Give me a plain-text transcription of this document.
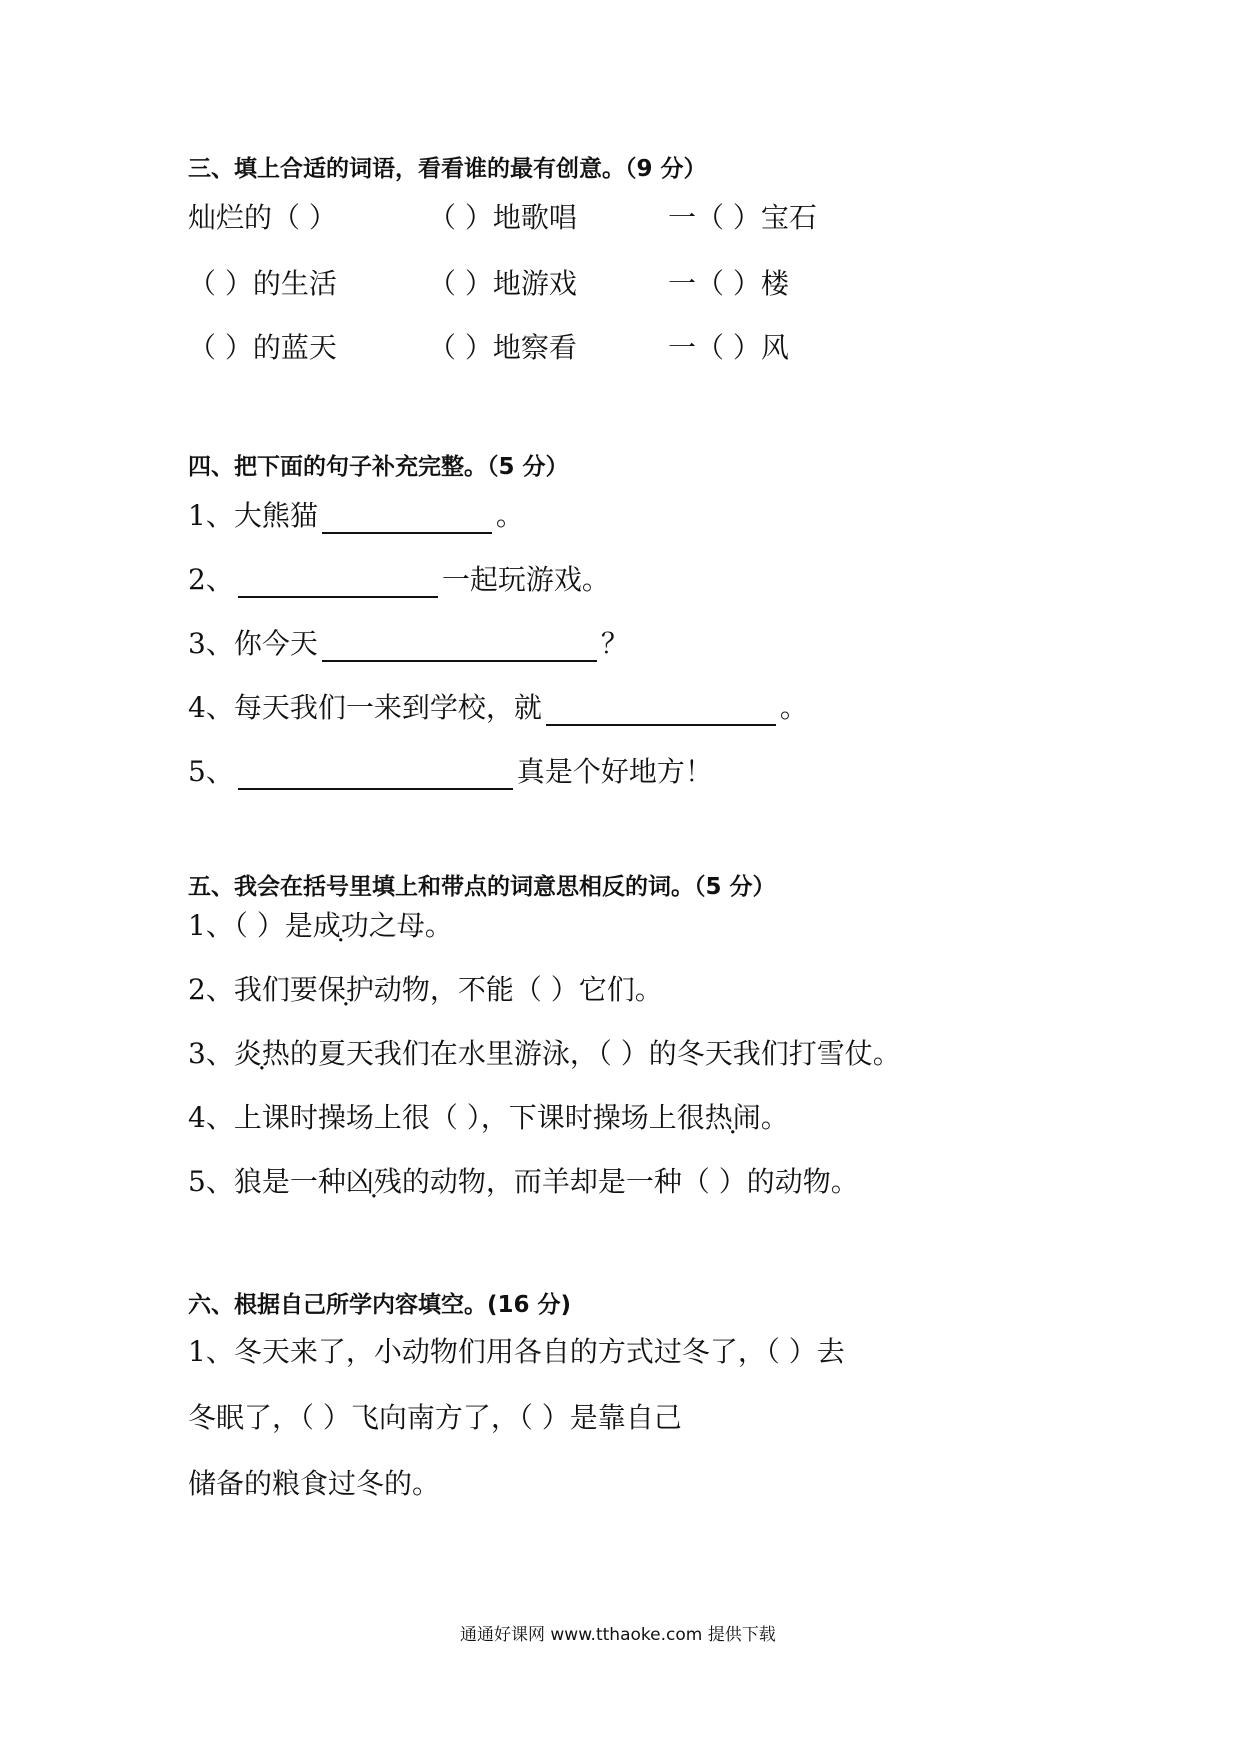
三、填上合适的词语，看看谁的最有创意。（9 分）
灿烂的（ ）	（ ）地歌唱	一（ ）宝石
（ ）的生活	（ ）地游戏	一（ ）楼
（ ）的蓝天	（ ）地察看	一（ ）风
四、把下面的句子补充完整。（5 分）
1、大熊猫	。
2、	一起玩游戏。
3、你今天	？
4、每天我们一来到学校，就	。
5、	真是个好地方！
五、我会在括号里填上和带点的词意思相反的词。（5 分）
1、（ ）是成功 .之母。
2、我们要保护 .动物，不能（ ）它们。
3、炎热 .的夏天我们在水里游泳，（ ）的冬天我们打雪仗。
4、上课时操场上很（ ），下课时操场上很热闹 .。
5、狼是一种凶残 .的动物，而羊却是一种（ ）的动物。
六、根据自己所学内容填空。(16 分)
1、冬天来了，小动物们用各自的方式过冬了，（ ）去
冬眠了，（ ）飞向南方了，（ ）是靠自己
储备的粮食过冬的。
通通好课网 www.tthaoke.com 提供下载
